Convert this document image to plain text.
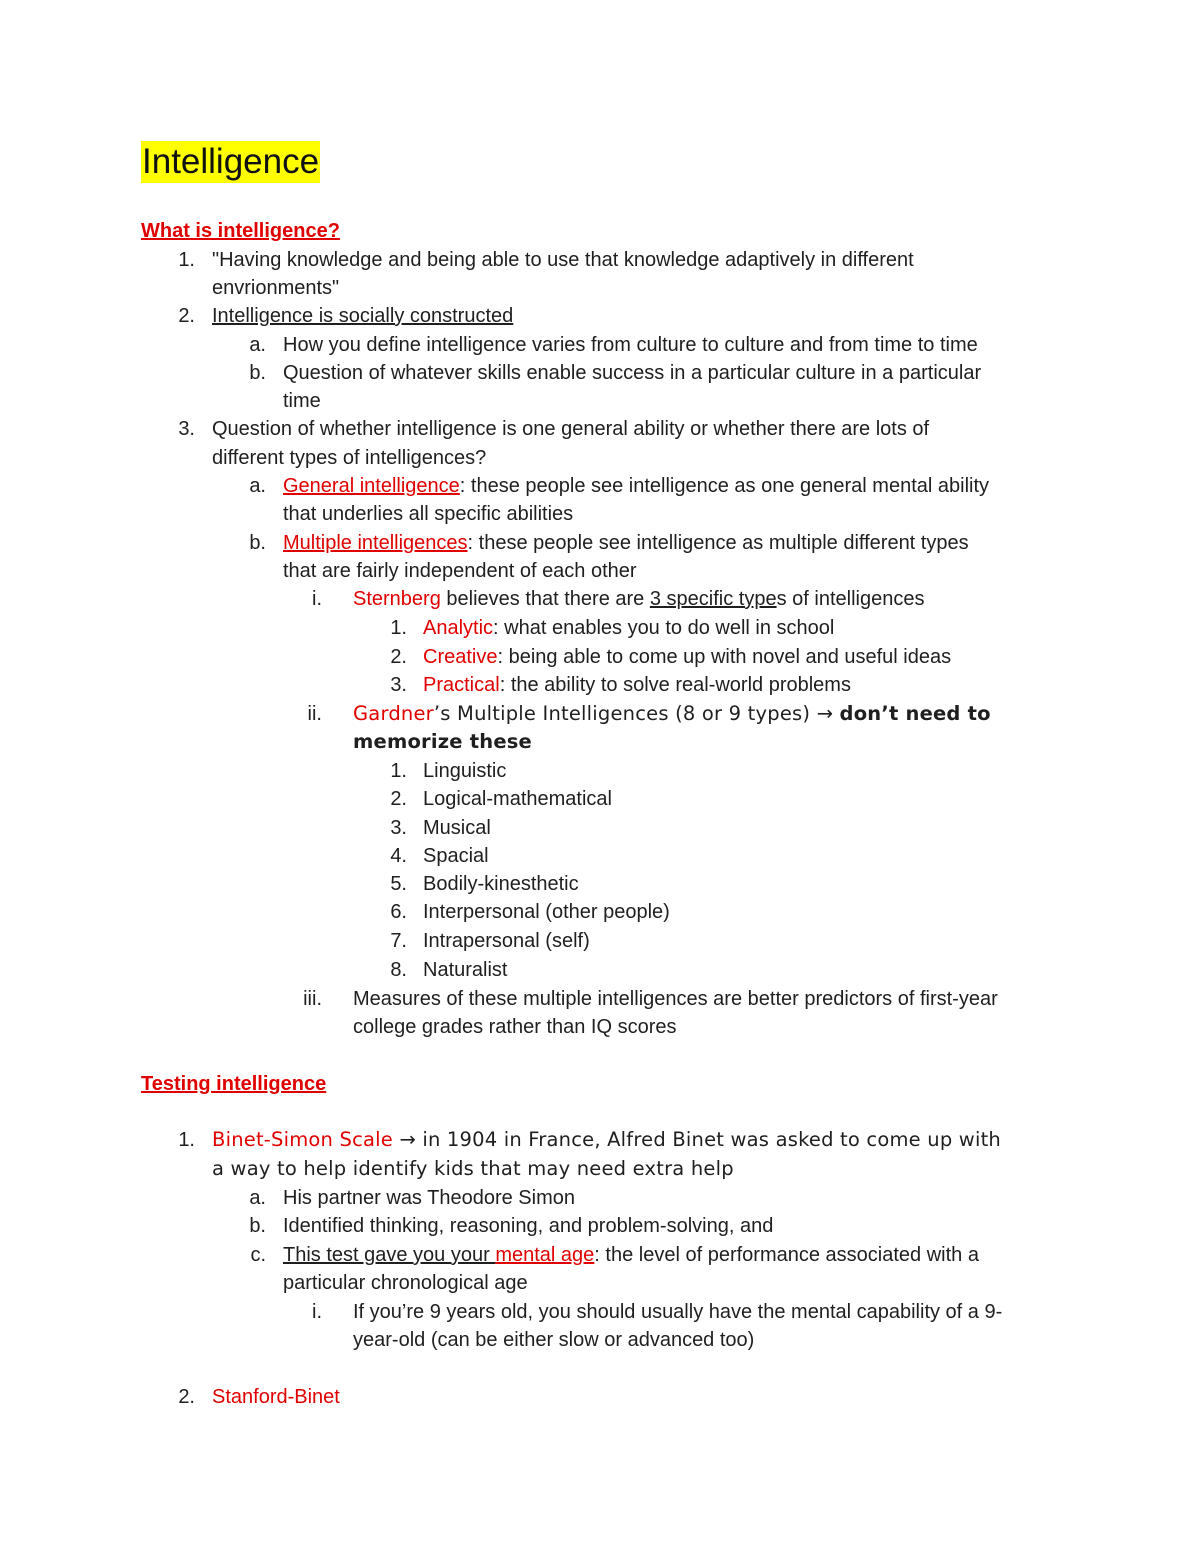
Intelligence
What is intelligence?
1. "Having knowledge and being able to use that knowledge adaptively in different
envrionments"
2. Intelligence is socially constructed
a. How you define intelligence varies from culture to culture and from time to time
b. Question of whatever skills enable success in a particular culture in a particular
time
3. Question of whether intelligence is one general ability or whether there are lots of
different types of intelligences?
a. General intelligence: these people see intelligence as one general mental ability
that underlies all specific abilities
b. Multiple intelligences: these people see intelligence as multiple different types
that are fairly independent of each other
i. Sternberg believes that there are 3 specific types of intelligences
1. Analytic: what enables you to do well in school
2. Creative: being able to come up with novel and useful ideas
3. Practical: the ability to solve real-world problems
ii. Gardner’s Multiple Intelligences (8 or 9 types) → don’t need to
memorize these
1. Linguistic
2. Logical-mathematical
3. Musical
4. Spacial
5. Bodily-kinesthetic
6. Interpersonal (other people)
7. Intrapersonal (self)
8. Naturalist
iii. Measures of these multiple intelligences are better predictors of first-year
college grades rather than IQ scores
Testing intelligence
1. Binet-Simon Scale → in 1904 in France, Alfred Binet was asked to come up with
a way to help identify kids that may need extra help
a. His partner was Theodore Simon
b. Identified thinking, reasoning, and problem-solving, and
c. This test gave you your mental age: the level of performance associated with a
particular chronological age
i. If you’re 9 years old, you should usually have the mental capability of a 9-
year-old (can be either slow or advanced too)
2. Stanford-Binet
